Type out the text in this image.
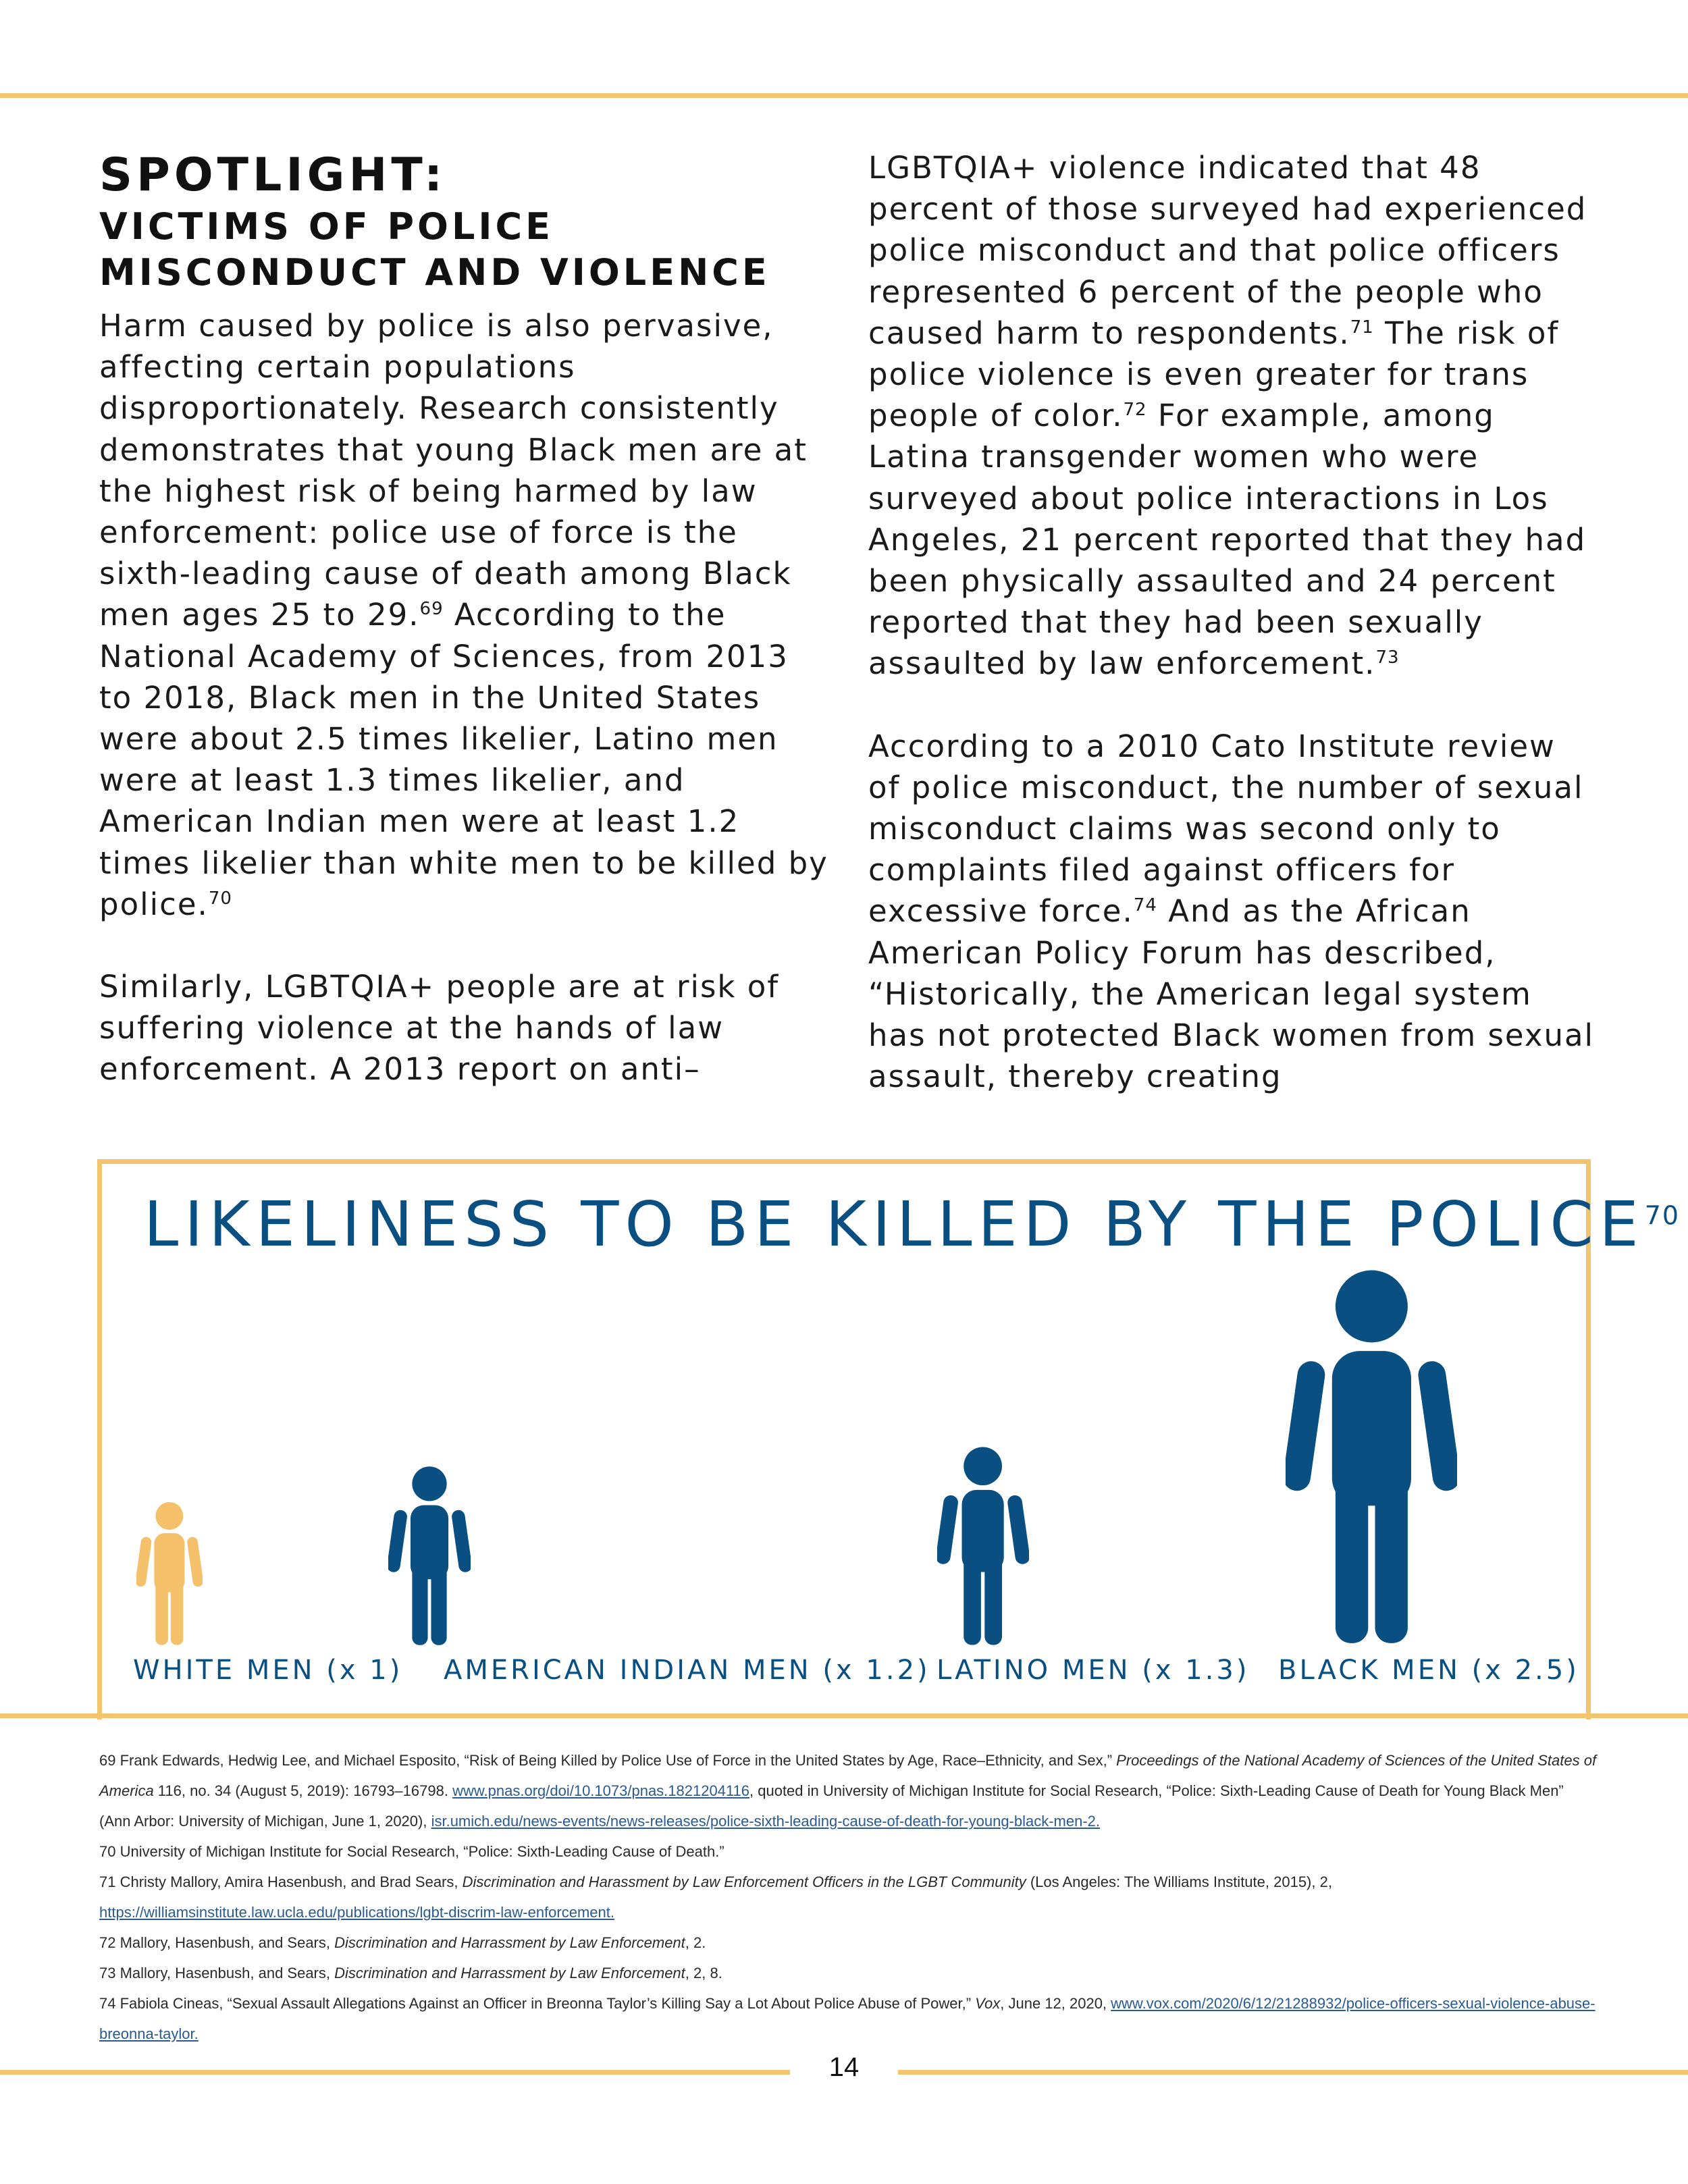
SPOTLIGHT:
VICTIMS OF POLICE MISCONDUCT AND VIOLENCE

Harm caused by police is also pervasive, affecting certain populations disproportionately. Research consistently demonstrates that young Black men are at the highest risk of being harmed by law enforcement: police use of force is the sixth-leading cause of death among Black men ages 25 to 29.69 According to the National Academy of Sciences, from 2013 to 2018, Black men in the United States were about 2.5 times likelier, Latino men were at least 1.3 times likelier, and American Indian men were at least 1.2 times likelier than white men to be killed by police.$^{70}$

Similarly, LGBTQIA+ people are at risk of suffering violence at the hands of law enforcement. A 2013 report on anti–

LGBTQIA+ violence indicated that 48 percent of those surveyed had experienced police misconduct and that police officers represented 6 percent of the people who caused harm to respondents.$^{71}$ The risk of police violence is even greater for trans people of color.$^{72}$ For example, among Latina transgender women who were surveyed about police interactions in Los Angeles, 21 percent reported that they had been physically assaulted and 24 percent reported that they had been sexually assaulted by law enforcement.$^{73}$

According to a 2010 Cato Institute review of police misconduct, the number of sexual misconduct claims was second only to complaints filed against officers for excessive force.$^{74}$ And as the African American Policy Forum has described, “Historically, the American legal system has not protected Black women from sexual assault, thereby creating

LIKELINESS TO BE KILLED BY THE POLICE$^{70}$

WHITE MEN (x 1) AMERICAN INDIAN MEN (x 1.2) LATINO MEN (x 1.3) BLACK MEN (x 2.5)

69 Frank Edwards, Hedwig Lee, and Michael Esposito, “Risk of Being Killed by Police Use of Force in the United States by Age, Race–Ethnicity, and Sex,” Proceedings of the National Academy of Sciences of the United States of America 116, no. 34 (August 5, 2019): 16793–16798. www.pnas.org/doi/10.1073/pnas.1821204116, quoted in University of Michigan Institute for Social Research, “Police: Sixth-Leading Cause of Death for Young Black Men” (Ann Arbor: University of Michigan, June 1, 2020), isr.umich.edu/news-events/news-releases/police-sixth-leading-cause-of-death-for-young-black-men-2.

70 University of Michigan Institute for Social Research, “Police: Sixth-Leading Cause of Death.”

71 Christy Mallory, Amira Hasenbush, and Brad Sears, Discrimination and Harassment by Law Enforcement Officers in the LGBT Community (Los Angeles: The Williams Institute, 2015), 2, https://williamsinstitute.law.ucla.edu/publications/lgbt-discrim-law-enforcement.

72 Mallory, Hasenbush, and Sears, Discrimination and Harrassment by Law Enforcement, 2.

73 Mallory, Hasenbush, and Sears, Discrimination and Harrassment by Law Enforcement, 2, 8.

74 Fabiola Cineas, “Sexual Assault Allegations Against an Officer in Breonna Taylor’s Killing Say a Lot About Police Abuse of Power,” Vox, June 12, 2020, www.vox.com/2020/6/12/21288932/police-officers-sexual-violence-abuse-breonna-taylor.

14
